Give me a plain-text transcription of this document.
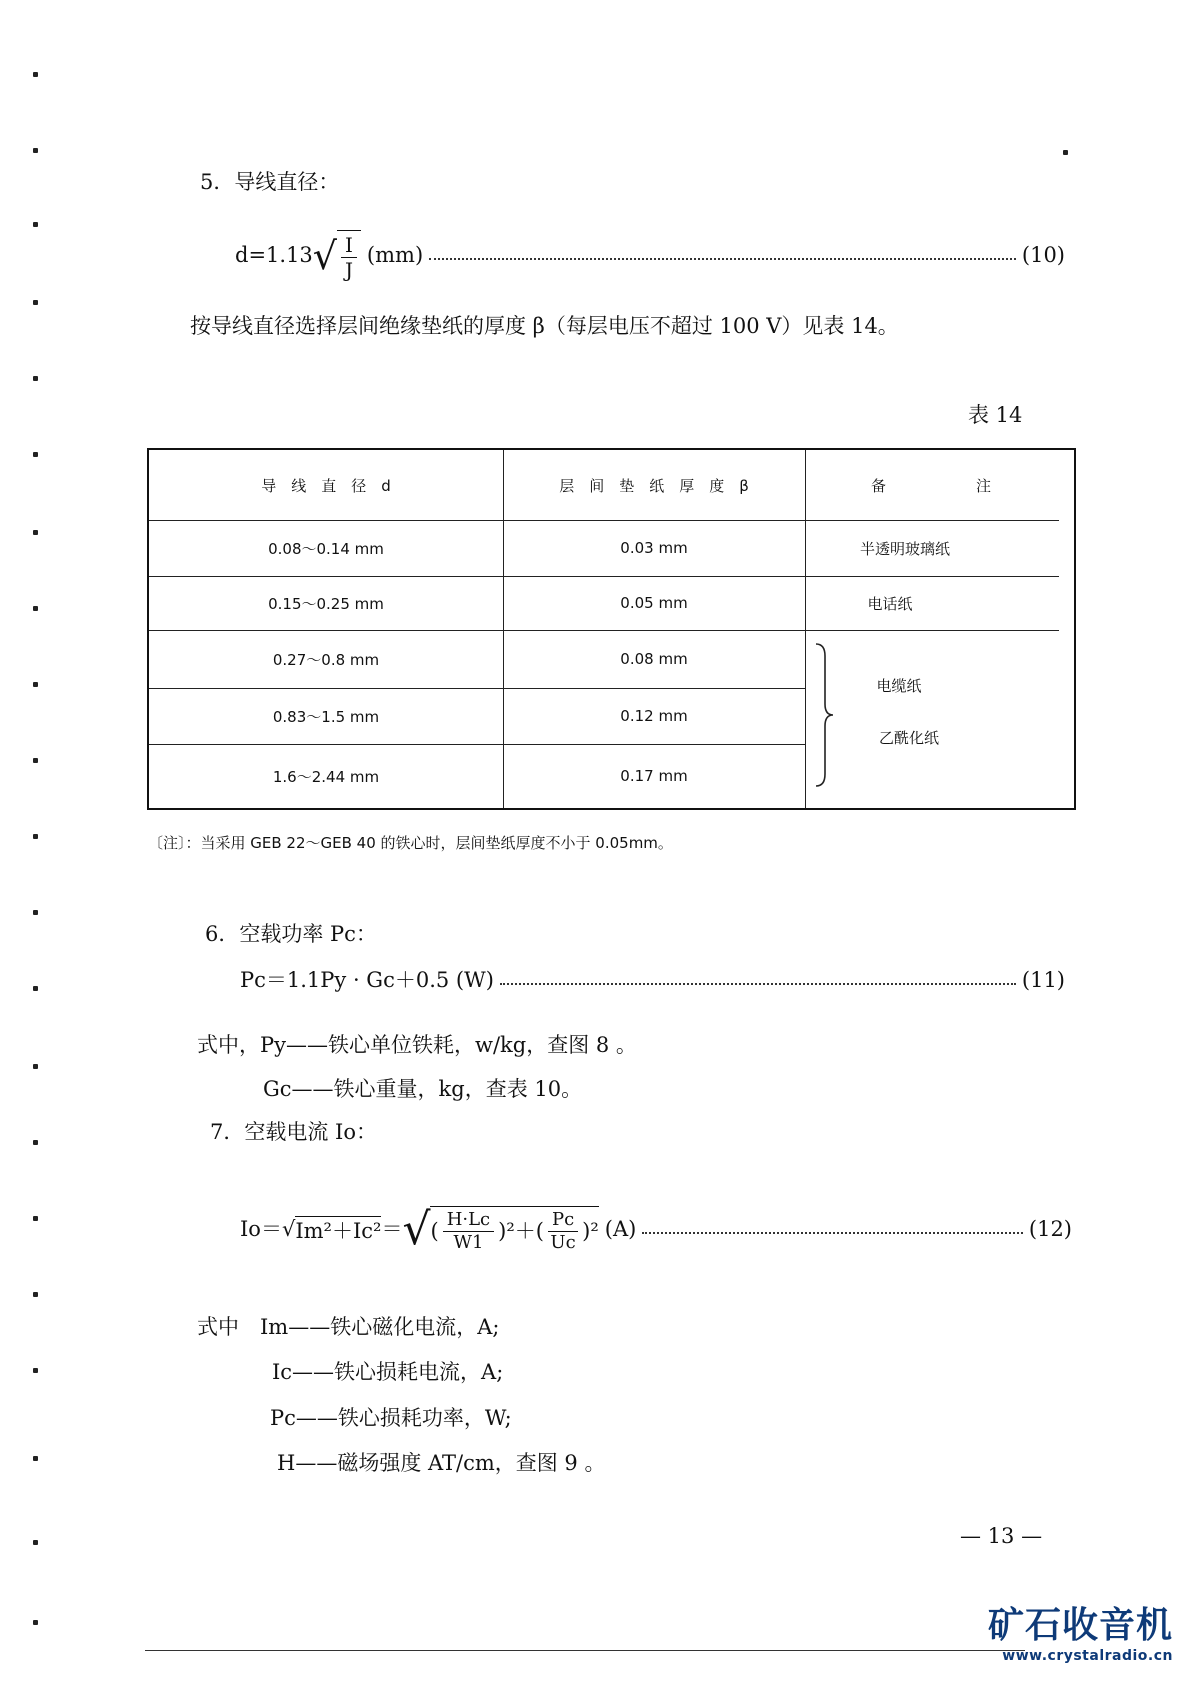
5．导线直径：
d=1.13 √ $\frac{I}{J} (mm)$	(10)
按导线直径选择层间绝缘垫纸的厚度 β（每层电压不超过 100 V）见表 14。
表 14
导　线　直　径　d	层　间　垫　纸　厚　度　β	备　　　　　　注
0.08～0.14 mm	0.03 mm	半透明玻璃纸
0.15～0.25 mm	0.05 mm	电话纸
0.27～0.8 mm	0.08 mm
0.83～1.5 mm	0.12 mm
1.6～2.44 mm	0.17 mm
电缆纸
乙酰化纸
〔注〕：当采用 GEB 22～GEB 40 的铁心时，层间垫纸厚度不小于 0.05mm。
6．空载功率 Pc：
Pc＝1.1Py · Gc＋0.5 (W)	(11)
式中，Py——铁心单位铁耗，w/kg，查图 8 。
Gc——铁心重量，kg，查表 10。
7．空载电流 Io：
Io＝√ Im²＋Ic² ＝ √ ( $\frac{H\cdot Lc}{W1} )^2+( \frac{Pc}{Uc} )^2$ (A)	(12)
式中　Im——铁心磁化电流，A;
Ic——铁心损耗电流，A;
Pc——铁心损耗功率，W;
H——磁场强度 AT/cm，查图 9 。
— 13 —
矿石收音机
www.crystalradio.cn
